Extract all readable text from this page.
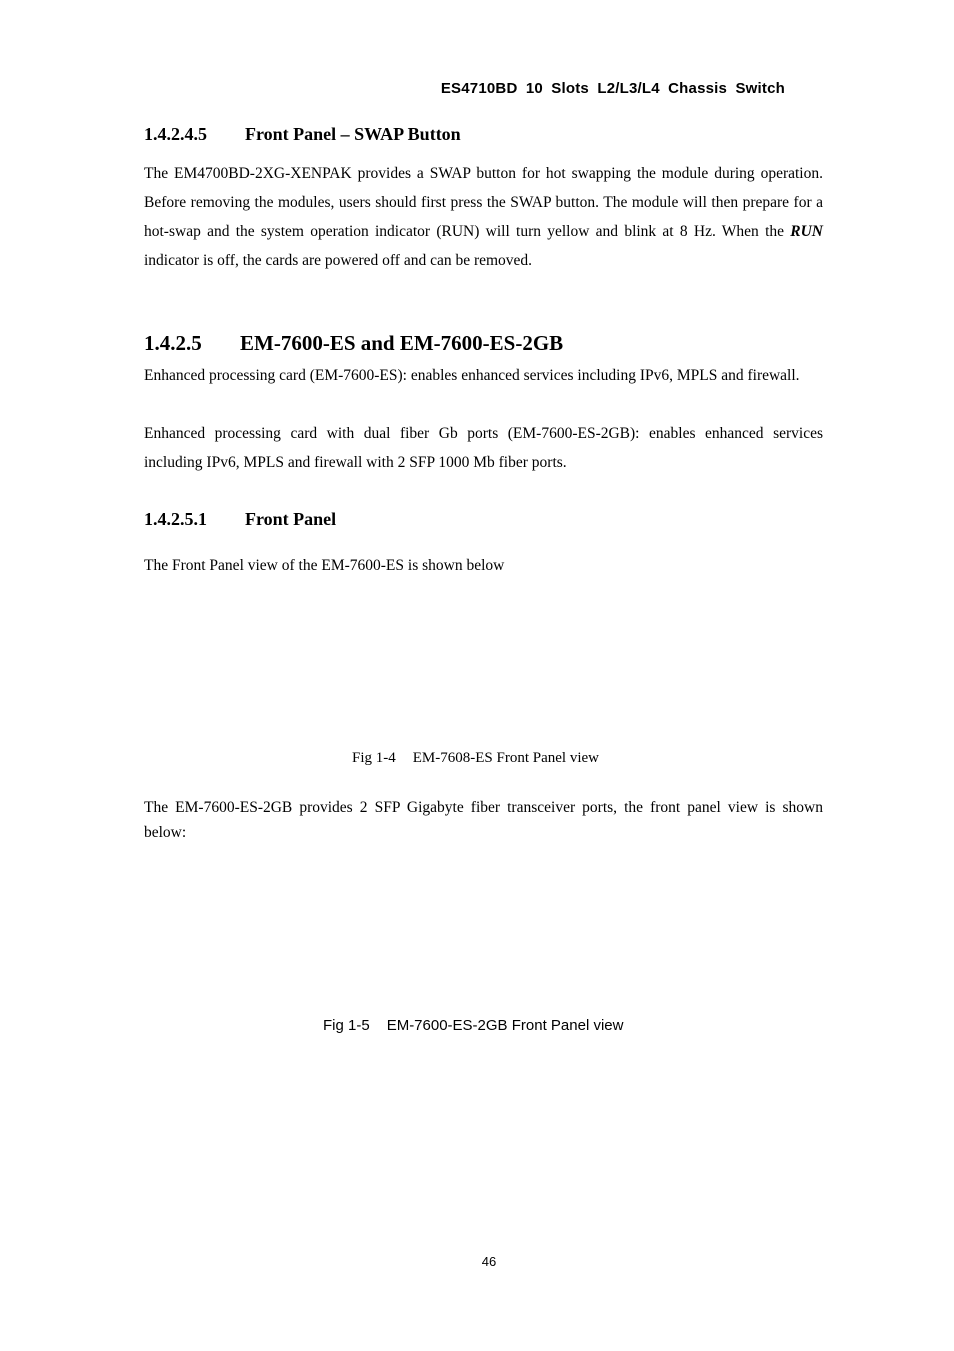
ES4710BD 10 Slots L2/L3/L4 Chassis Switch
1.4.2.4.5 Front Panel – SWAP Button

The EM4700BD-2XG-XENPAK provides a SWAP button for hot swapping the module during operation. Before removing the modules, users should first press the SWAP button. The module will then prepare for a hot-swap and the system operation indicator (RUN) will turn yellow and blink at 8 Hz. When the RUN indicator is off, the cards are powered off and can be removed.

1.4.2.5 EM-7600-ES and EM-7600-ES-2GB

Enhanced processing card (EM-7600-ES): enables enhanced services including IPv6, MPLS and firewall.

Enhanced processing card with dual fiber Gb ports (EM-7600-ES-2GB): enables enhanced services including IPv6, MPLS and firewall with 2 SFP 1000 Mb fiber ports.

1.4.2.5.1 Front Panel

The Front Panel view of the EM-7600-ES is shown below

Fig 1-4 EM-7608-ES Front Panel view

The EM-7600-ES-2GB provides 2 SFP Gigabyte fiber transceiver ports, the front panel view is shown below:

Fig 1-5 EM-7600-ES-2GB Front Panel view
46
